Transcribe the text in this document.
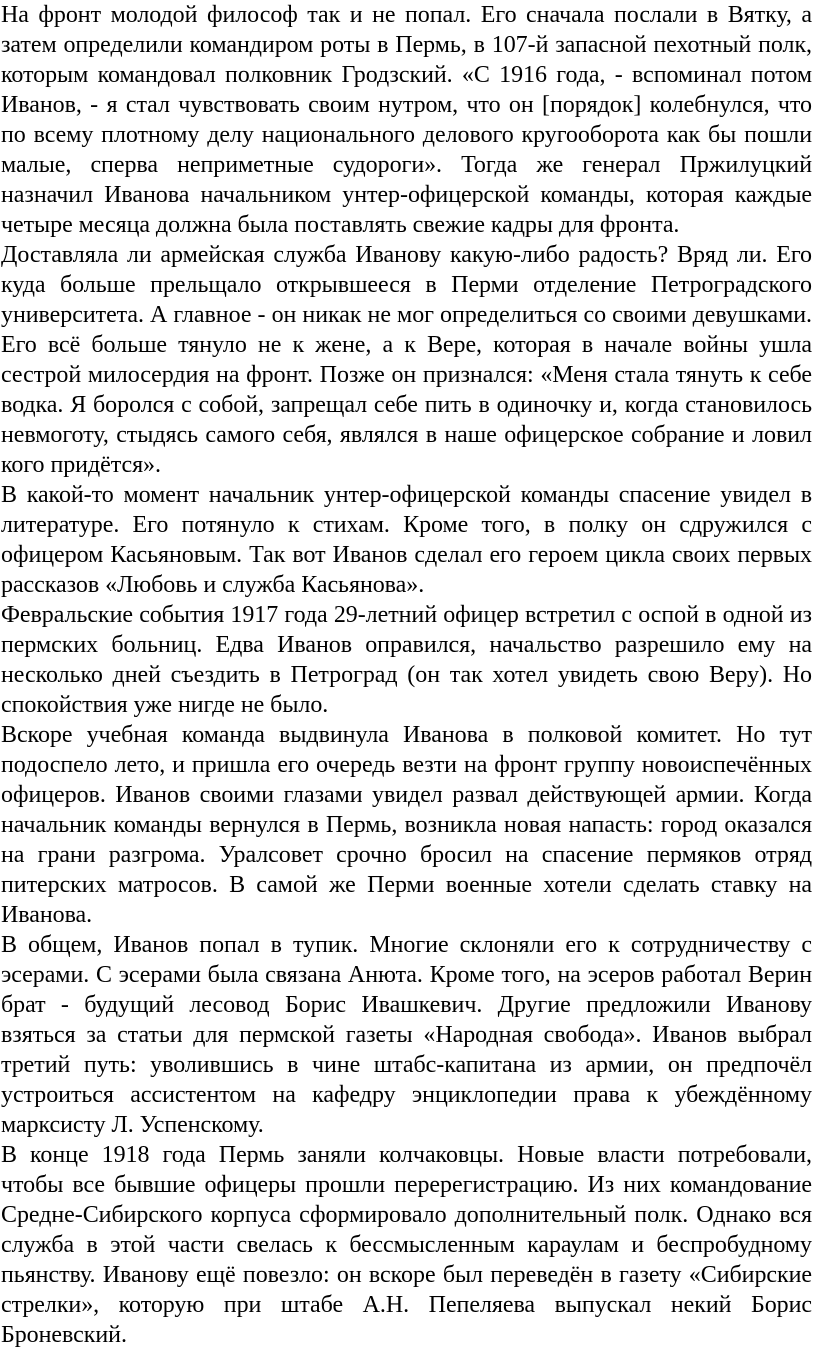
На фронт молодой философ так и не попал. Его сначала послали в Вятку, а затем определили командиром роты в Пермь, в 107-й запасной пехотный полк, которым командовал полковник Гродзский. «С 1916 года, - вспоминал потом Иванов, - я стал чувствовать своим нутром, что он [порядок] колебнулся, что по всему плотному делу национального делового кругооборота как бы пошли малые, сперва неприметные судороги». Тогда же генерал Пржилуцкий назначил Иванова начальником унтер-офицерской команды, которая каждые четыре месяца должна была поставлять свежие кадры для фронта.

Доставляла ли армейская служба Иванову какую-либо радость? Вряд ли. Его куда больше прельщало открывшееся в Перми отделение Петроградского университета. А главное - он никак не мог определиться со своими девушками. Его всё больше тянуло не к жене, а к Вере, которая в начале войны ушла сестрой милосердия на фронт. Позже он признался: «Меня стала тянуть к себе водка. Я боролся с собой, запрещал себе пить в одиночку и, когда становилось невмоготу, стыдясь самого себя, являлся в наше офицерское собрание и ловил кого придётся».

В какой-то момент начальник унтер-офицерской команды спасение увидел в литературе. Его потянуло к стихам. Кроме того, в полку он сдружился с офицером Касьяновым. Так вот Иванов сделал его героем цикла своих первых рассказов «Любовь и служба Касьянова».

Февральские события 1917 года 29-летний офицер встретил с оспой в одной из пермских больниц. Едва Иванов оправился, начальство разрешило ему на несколько дней съездить в Петроград (он так хотел увидеть свою Веру). Но спокойствия уже нигде не было.

Вскоре учебная команда выдвинула Иванова в полковой комитет. Но тут подоспело лето, и пришла его очередь везти на фронт группу новоиспечённых офицеров. Иванов своими глазами увидел развал действующей армии. Когда начальник команды вернулся в Пермь, возникла новая напасть: город оказался на грани разгрома. Уралсовет срочно бросил на спасение пермяков отряд питерских матросов. В самой же Перми военные хотели сделать ставку на Иванова.

В общем, Иванов попал в тупик. Многие склоняли его к сотрудничеству с эсерами. С эсерами была связана Анюта. Кроме того, на эсеров работал Верин брат - будущий лесовод Борис Ивашкевич. Другие предложили Иванову взяться за статьи для пермской газеты «Народная свобода». Иванов выбрал третий путь: уволившись в чине штабс-капитана из армии, он предпочёл устроиться ассистентом на кафедру энциклопедии права к убеждённому марксисту Л. Успенскому.

В конце 1918 года Пермь заняли колчаковцы. Новые власти потребовали, чтобы все бывшие офицеры прошли перерегистрацию. Из них командование Средне-Сибирского корпуса сформировало дополнительный полк. Однако вся служба в этой части свелась к бессмысленным караулам и беспробудному пьянству. Иванову ещё повезло: он вскоре был переведён в газету «Сибирские стрелки», которую при штабе А.Н. Пепеляева выпускал некий Борис Броневский.
